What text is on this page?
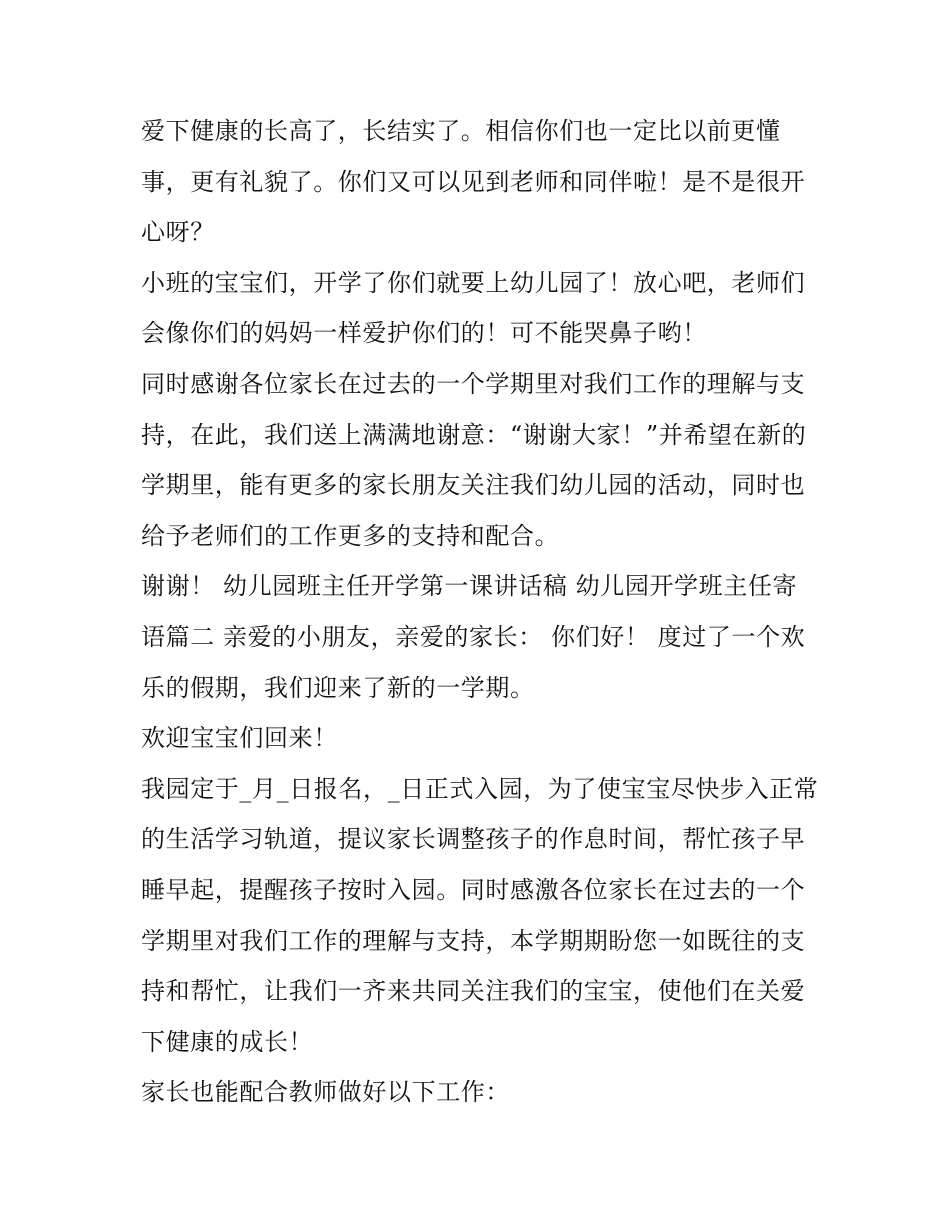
爱下健康的长高了，长结实了。相信你们也一定比以前更懂事，更有礼貌了。你们又可以见到老师和同伴啦！是不是很开心呀？

小班的宝宝们，开学了你们就要上幼儿园了！放心吧，老师们会像你们的妈妈一样爱护你们的！可不能哭鼻子哟！

同时感谢各位家长在过去的一个学期里对我们工作的理解与支持，在此，我们送上满满地谢意：“谢谢大家！”并希望在新的学期里，能有更多的家长朋友关注我们幼儿园的活动，同时也给予老师们的工作更多的支持和配合。

谢谢！ 幼儿园班主任开学第一课讲话稿 幼儿园开学班主任寄语篇二 亲爱的小朋友，亲爱的家长： 你们好！ 度过了一个欢乐的假期，我们迎来了新的一学期。

欢迎宝宝们回来！

我园定于_月_日报名，_日正式入园，为了使宝宝尽快步入正常的生活学习轨道，提议家长调整孩子的作息时间，帮忙孩子早睡早起，提醒孩子按时入园。同时感激各位家长在过去的一个学期里对我们工作的理解与支持，本学期期盼您一如既往的支持和帮忙，让我们一齐来共同关注我们的宝宝，使他们在关爱下健康的成长！

家长也能配合教师做好以下工作：
